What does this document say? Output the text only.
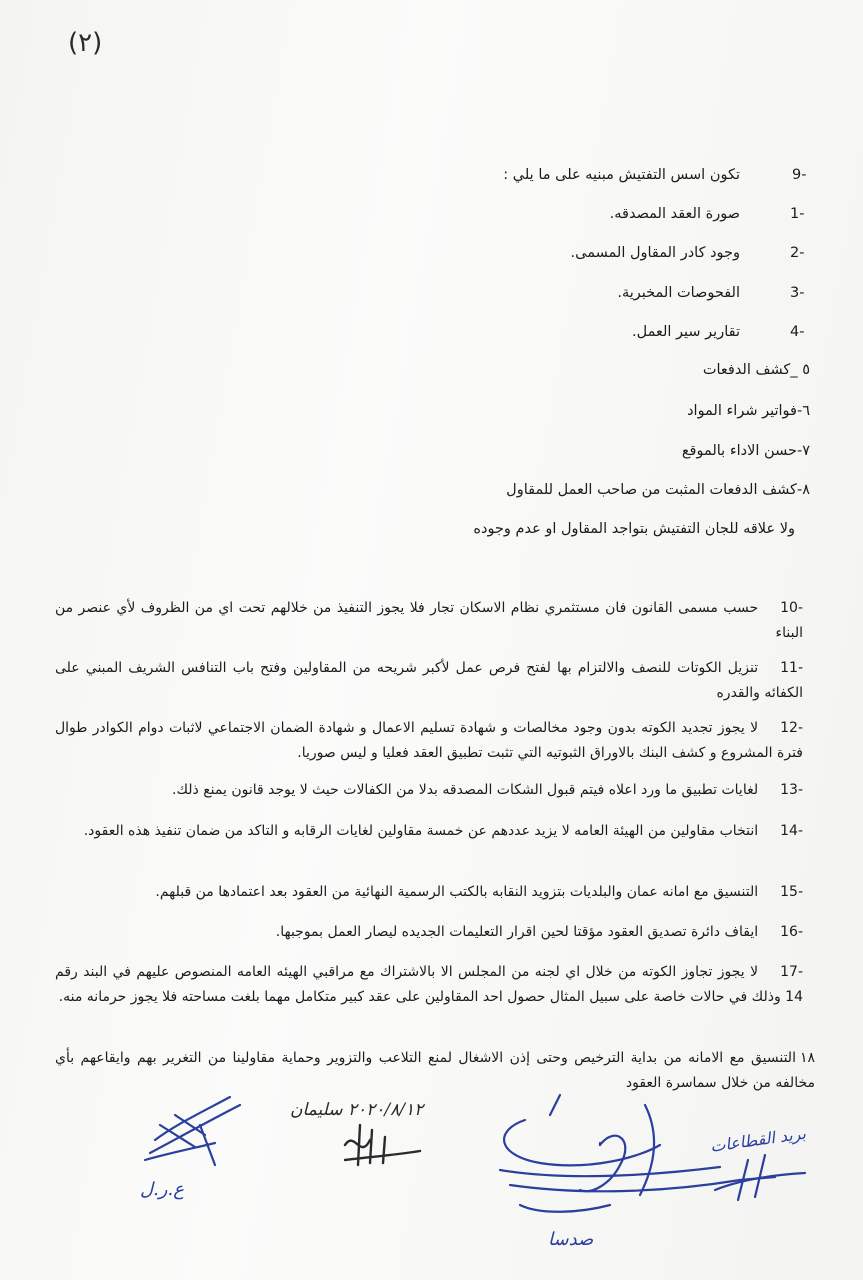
(٢)
9-
تكون اسس التفتيش مبنيه على ما يلي :
1-
صورة العقد المصدقه.
2-
وجود كادر المقاول المسمى.
3-
الفحوصات المخبرية.
4-
تقارير سير العمل.
٥ _كشف الدفعات
٦-فواتير شراء المواد
٧-حسن الاداء بالموقع
٨-كشف الدفعات المثبت من صاحب العمل للمقاول
ولا علاقه للجان التفتيش بتواجد المقاول او عدم وجوده
10-حسب مسمى القانون فان مستثمري نظام الاسكان تجار فلا يجوز التنفيذ من خلالهم تحت اي من الظروف لأي عنصر من البناء
11-تنزيل الكوتات للنصف والالتزام بها لفتح فرص عمل لأكبر شريحه من المقاولين وفتح باب التنافس الشريف المبني على الكفائه والقدره
12-لا يجوز تجديد الكوته بدون وجود مخالصات و شهادة تسليم الاعمال و شهادة الضمان الاجتماعي لاثبات دوام الكوادر طوال فترة المشروع و كشف البنك بالاوراق الثبوتيه التي تثبت تطبيق العقد فعليا و ليس صوريا.
13-لغايات تطبيق ما ورد اعلاه فيتم قبول الشكات المصدقه بدلا من الكفالات حيث لا يوجد قانون يمنع ذلك.
14-انتخاب مقاولين من الهيئة العامه لا يزيد عددهم عن خمسة مقاولين لغايات الرقابه و التاكد من ضمان تنفيذ هذه العقود.
15-التنسيق مع امانه عمان والبلديات بتزويد النقابه بالكتب الرسمية النهائية من العقود بعد اعتمادها من قبلهم.
16-ايقاف دائرة تصديق العقود مؤقتا لحين اقرار التعليمات الجديده ليصار العمل بموجبها.
17-لا يجوز تجاوز الكوته من خلال اي لجنه من المجلس الا بالاشتراك مع مراقبي الهيئه العامه المنصوص عليهم في البند رقم 14 وذلك في حالات خاصة على سبيل المثال حصول احد المقاولين على عقد كبير متكامل مهما بلغت مساحته فلا يجوز حرمانه منه.
١٨التنسيق مع الامانه من بداية الترخيص وحتى إذن الاشغال لمنع التلاعب والتزوير وحماية مقاولينا من التغرير بهم وايقاعهم بأي مخالفه من خلال سماسرة العقود
ع.ر.ل
٢٠٢٠/٨/١٢ سليمان
صدسا
بريد القطاعات
